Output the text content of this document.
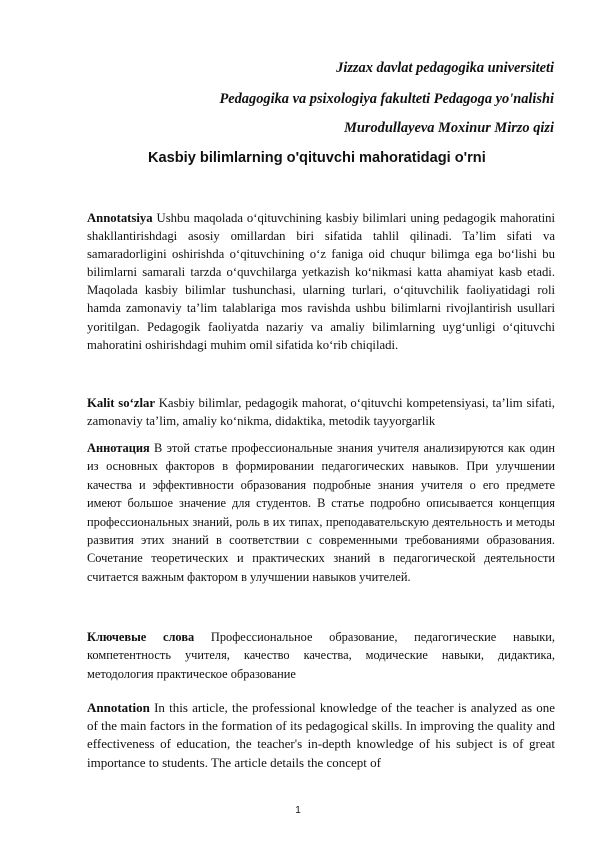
Jizzax davlat pedagogika universiteti
Pedagogika va psixologiya fakulteti Pedagoga yo'nalishi
Murodullayeva Moxinur Mirzo qizi
Kasbiy bilimlarning o'qituvchi mahoratidagi o'rni
Annotatsiya Ushbu maqolada o‘qituvchining kasbiy bilimlari uning pedagogik mahoratini shakllantirishdagi asosiy omillardan biri sifatida tahlil qilinadi. Ta’lim sifati va samaradorligini oshirishda o‘qituvchining o‘z faniga oid chuqur bilimga ega bo‘lishi bu bilimlarni samarali tarzda o‘quvchilarga yetkazish ko‘nikmasi katta ahamiyat kasb etadi. Maqolada kasbiy bilimlar tushunchasi, ularning turlari, o‘qituvchilik faoliyatidagi roli hamda zamonaviy ta’lim talablariga mos ravishda ushbu bilimlarni rivojlantirish usullari yoritilgan. Pedagogik faoliyatda nazariy va amaliy bilimlarning uyg‘unligi o‘qituvchi mahoratini oshirishdagi muhim omil sifatida ko‘rib chiqiladi.
Kalit so‘zlar Kasbiy bilimlar, pedagogik mahorat, o‘qituvchi kompetensiyasi, ta’lim sifati, zamonaviy ta’lim, amaliy ko‘nikma, didaktika, metodik tayyorgarlik
Аннотация В этой статье профессиональные знания учителя анализируются как один из основных факторов в формировании педагогических навыков. При улучшении качества и эффективности образования подробные знания учителя о его предмете имеют большое значение для студентов. В статье подробно описывается концепция профессиональных знаний, роль в их типах, преподавательскую деятельность и методы развития этих знаний в соответствии с современными требованиями образования. Сочетание теоретических и практических знаний в педагогической деятельности считается важным фактором в улучшении навыков учителей.
Ключевые слова Профессиональное образование, педагогические навыки, компетентность учителя, качество качества, модические навыки, дидактика, методология практическое образование
Annotation In this article, the professional knowledge of the teacher is analyzed as one of the main factors in the formation of its pedagogical skills. In improving the quality and effectiveness of education, the teacher's in-depth knowledge of his subject is of great importance to students. The article details the concept of
1
